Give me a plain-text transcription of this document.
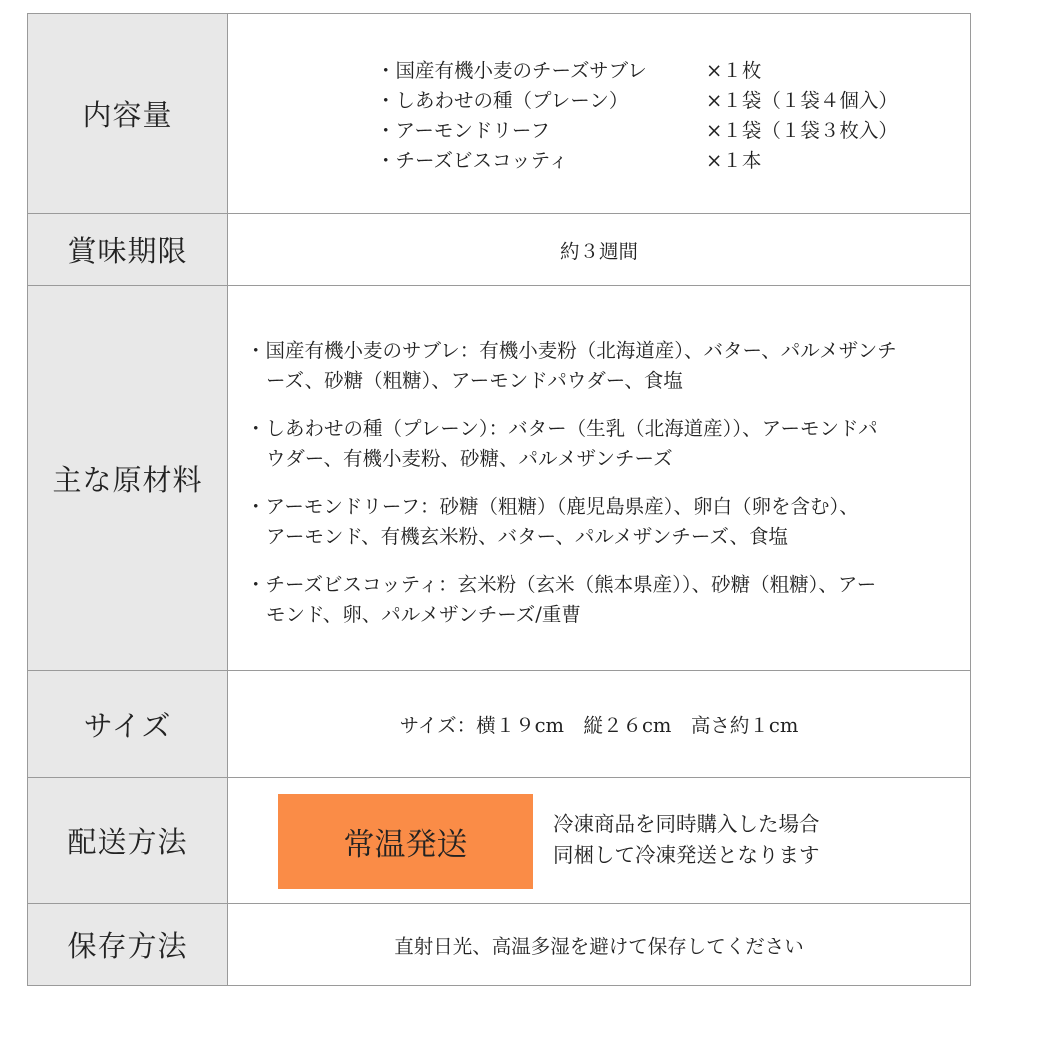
内容量
・国産有機小麦のチーズサブレ	×１枚
・しあわせの種（プレーン）	×１袋（１袋４個入）
・アーモンドリーフ	×１袋（１袋３枚入）
・チーズビスコッティ	×１本
賞味期限	約３週間
主な原材料
・国産有機小麦のサブレ：有機小麦粉（北海道産）、バター、パルメザンチ
ーズ、砂糖（粗糖）、アーモンドパウダー、食塩
・しあわせの種（プレーン）：バター（生乳（北海道産））、アーモンドパ
ウダー、有機小麦粉、砂糖、パルメザンチーズ
・アーモンドリーフ：砂糖（粗糖）（鹿児島県産）、卵白（卵を含む）、
アーモンド、有機玄米粉、バター、パルメザンチーズ、食塩
・チーズビスコッティ：玄米粉（玄米（熊本県産））、砂糖（粗糖）、アー
モンド、卵、パルメザンチーズ/重曹
サイズ	サイズ：横１９cm　縦２６cm　高さ約１cm
配送方法	常温発送
冷凍商品を同時購入した場合
同梱して冷凍発送となります
保存方法	直射日光、高温多湿を避けて保存してください
